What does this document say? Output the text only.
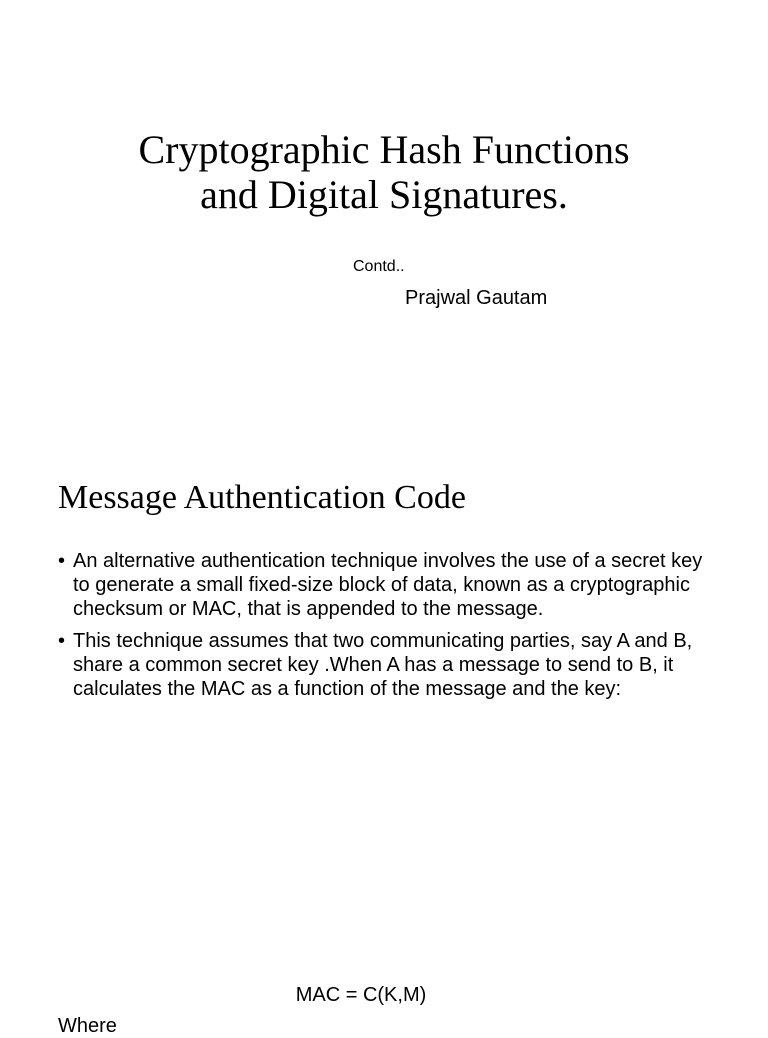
Cryptographic Hash Functions
and Digital Signatures.
Contd..
Prajwal Gautam
Message Authentication Code
• An alternative authentication technique involves the use of a secret key to generate a small fixed-size block of data, known as a cryptographic checksum or MAC, that is appended to the message.
• This technique assumes that two communicating parties, say A and B, share a common secret key .When A has a message to send to B, it calculates the MAC as a function of the message and the key:
MAC = C(K,M)
Where
